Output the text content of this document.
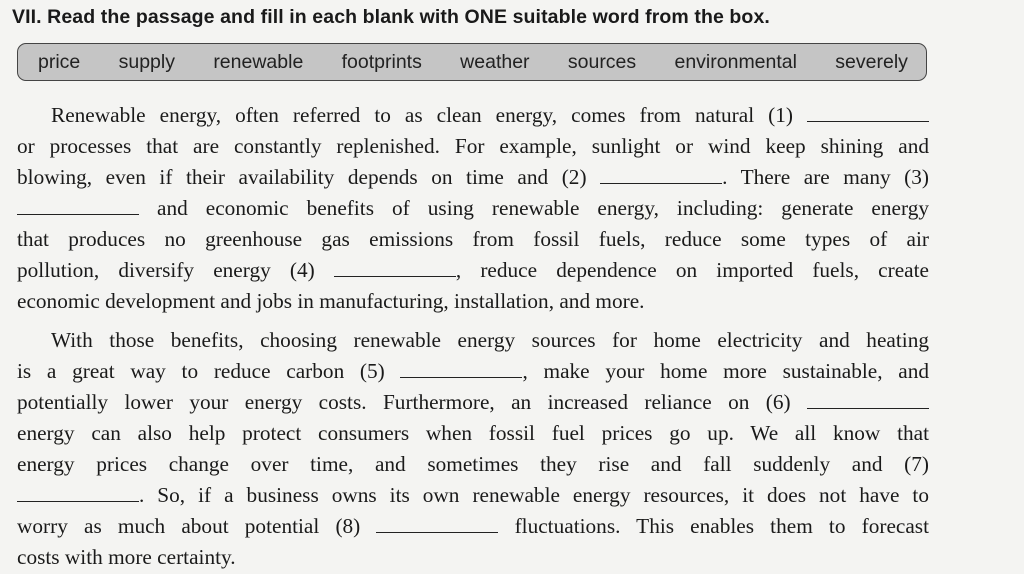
VII. Read the passage and fill in each blank with ONE suitable word from the box.
price supply renewable footprints weather sources environmental severely
Renewable energy, often referred to as clean energy, comes from natural (1)
or processes that are constantly replenished. For example, sunlight or wind keep shining and
blowing, even if their availability depends on time and (2)	. There are many (3)
and economic benefits of using renewable energy, including: generate energy
that produces no greenhouse gas emissions from fossil fuels, reduce some types of air
pollution, diversify energy (4)	, reduce dependence on imported fuels, create
economic development and jobs in manufacturing, installation, and more.
With those benefits, choosing renewable energy sources for home electricity and heating
is a great way to reduce carbon (5)	, make your home more sustainable, and
potentially lower your energy costs. Furthermore, an increased reliance on (6)
energy can also help protect consumers when fossil fuel prices go up. We all know that
energy prices change over time, and sometimes they rise and fall suddenly and (7)
. So, if a business owns its own renewable energy resources, it does not have to
worry as much about potential (8)	fluctuations. This enables them to forecast
costs with more certainty.
